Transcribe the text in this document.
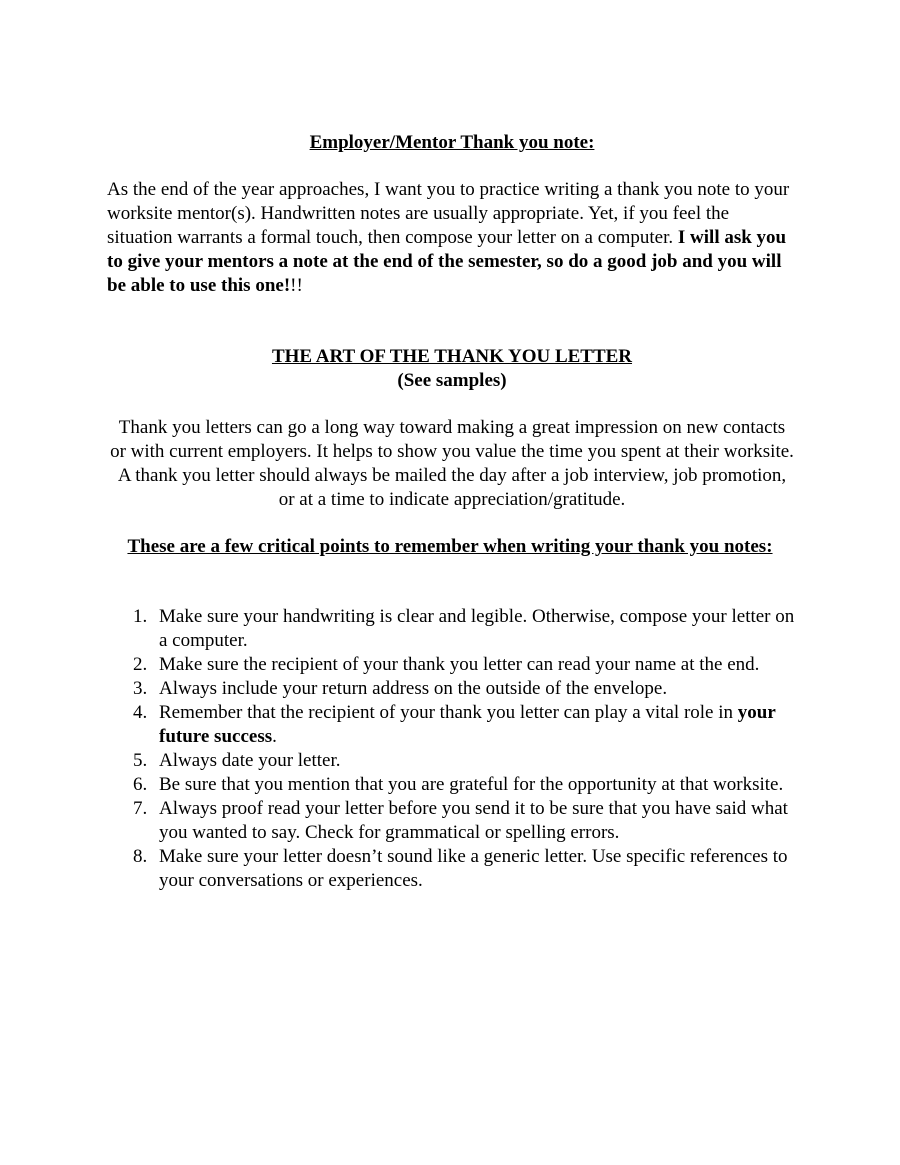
Employer/Mentor Thank you note:
As the end of the year approaches, I want you to practice writing a thank you note to your worksite mentor(s). Handwritten notes are usually appropriate. Yet, if you feel the situation warrants a formal touch, then compose your letter on a computer. I will ask you to give your mentors a note at the end of the semester, so do a good job and you will be able to use this one!!!
THE ART OF THE THANK YOU LETTER
(See samples)
Thank you letters can go a long way toward making a great impression on new contacts or with current employers. It helps to show you value the time you spent at their worksite. A thank you letter should always be mailed the day after a job interview, job promotion, or at a time to indicate appreciation/gratitude.
These are a few critical points to remember when writing your thank you notes:
1. Make sure your handwriting is clear and legible. Otherwise, compose your letter on a computer.
2. Make sure the recipient of your thank you letter can read your name at the end.
3. Always include your return address on the outside of the envelope.
4. Remember that the recipient of your thank you letter can play a vital role in your future success.
5. Always date your letter.
6. Be sure that you mention that you are grateful for the opportunity at that worksite.
7. Always proof read your letter before you send it to be sure that you have said what you wanted to say. Check for grammatical or spelling errors.
8. Make sure your letter doesn’t sound like a generic letter. Use specific references to your conversations or experiences.
